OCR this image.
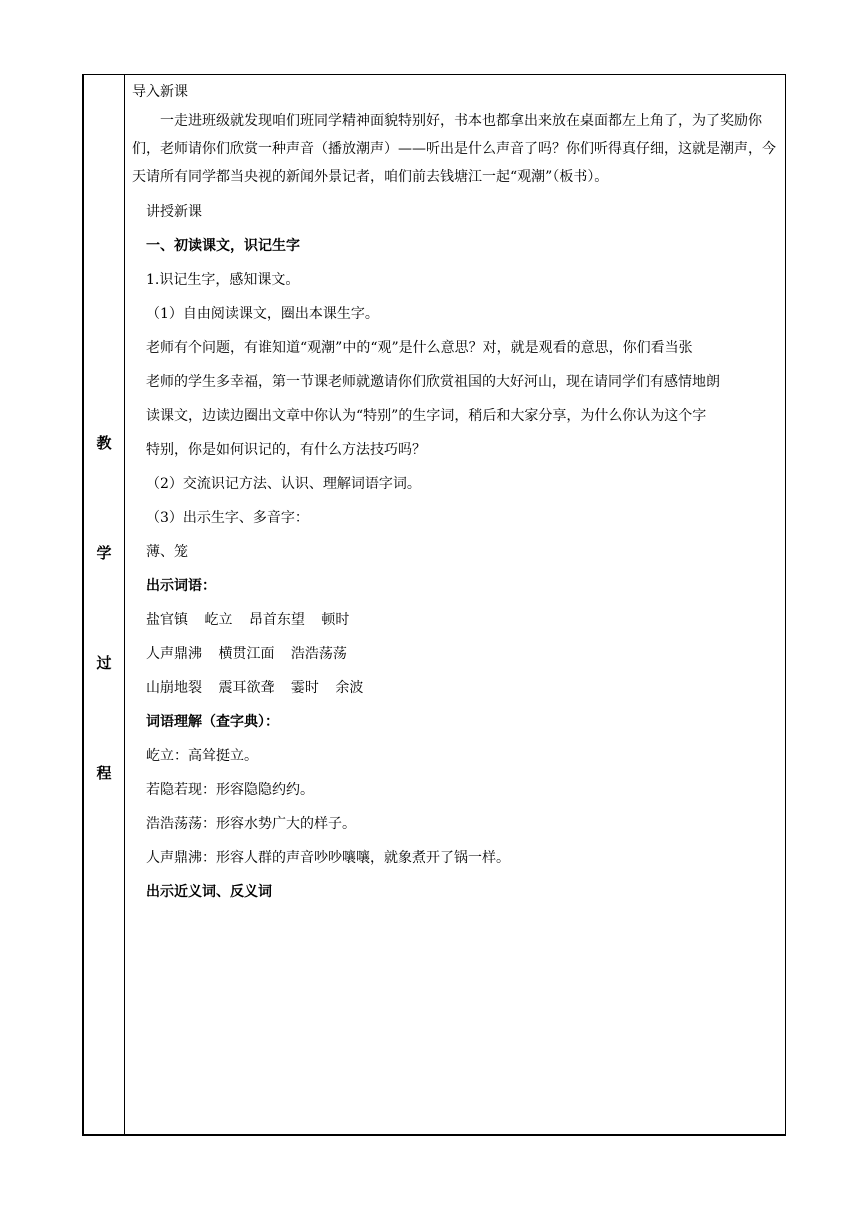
教
学
过
程

导入新课

一走进班级就发现咱们班同学精神面貌特别好，书本也都拿出来放在桌面都左上角了，为了奖励你们，老师请你们欣赏一种声音（播放潮声）——听出是什么声音了吗？你们听得真仔细，这就是潮声，今天请所有同学都当央视的新闻外景记者，咱们前去钱塘江一起“观潮”（板书）。

讲授新课

一、初读课文，识记生字

1.识记生字，感知课文。

（1）自由阅读课文，圈出本课生字。

老师有个问题，有谁知道“观潮”中的“观”是什么意思？对，就是观看的意思，你们看当张

老师的学生多幸福，第一节课老师就邀请你们欣赏祖国的大好河山，现在请同学们有感情地朗

读课文，边读边圈出文章中你认为“特别”的生字词，稍后和大家分享，为什么你认为这个字

特别，你是如何识记的，有什么方法技巧吗？

（2）交流识记方法、认识、理解词语字词。

（3）出示生字、多音字：

薄、笼

出示词语：

盐官镇 屹立 昂首东望 顿时

人声鼎沸 横贯江面 浩浩荡荡

山崩地裂 震耳欲聋 霎时 余波

词语理解（查字典）：

屹立：高耸挺立。

若隐若现：形容隐隐约约。

浩浩荡荡：形容水势广大的样子。

人声鼎沸：形容人群的声音吵吵嚷嚷，就象煮开了锅一样。

出示近义词、反义词
